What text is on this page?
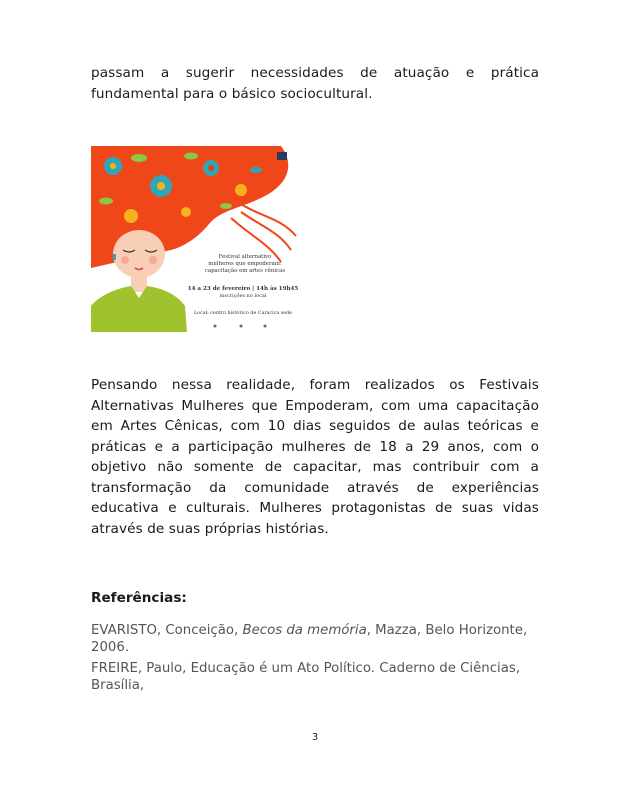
passam a sugerir necessidades de atuação e prática fundamental para o básico sociocultural.

Festival alternativo
mulheres que empoderam:
capacitação em artes cênicas
14 a 23 de fevereiro | 14h às 19h45
inscrições no local
Local: centro histórico de Caracica sede

Pensando nessa realidade, foram realizados os Festivais Alternativas Mulheres que Empoderam, com uma capacitação em Artes Cênicas, com 10 dias seguidos de aulas teóricas e práticas e a participação mulheres de 18 a 29 anos, com o objetivo não somente de capacitar, mas contribuir com a transformação da comunidade através de experiências educativa e culturais. Mulheres protagonistas de suas vidas através de suas próprias histórias.

Referências:

EVARISTO, Conceição, Becos da memória, Mazza, Belo Horizonte, 2006.

FREIRE, Paulo, Educação é um Ato Político. Caderno de Ciências, Brasília,

3
